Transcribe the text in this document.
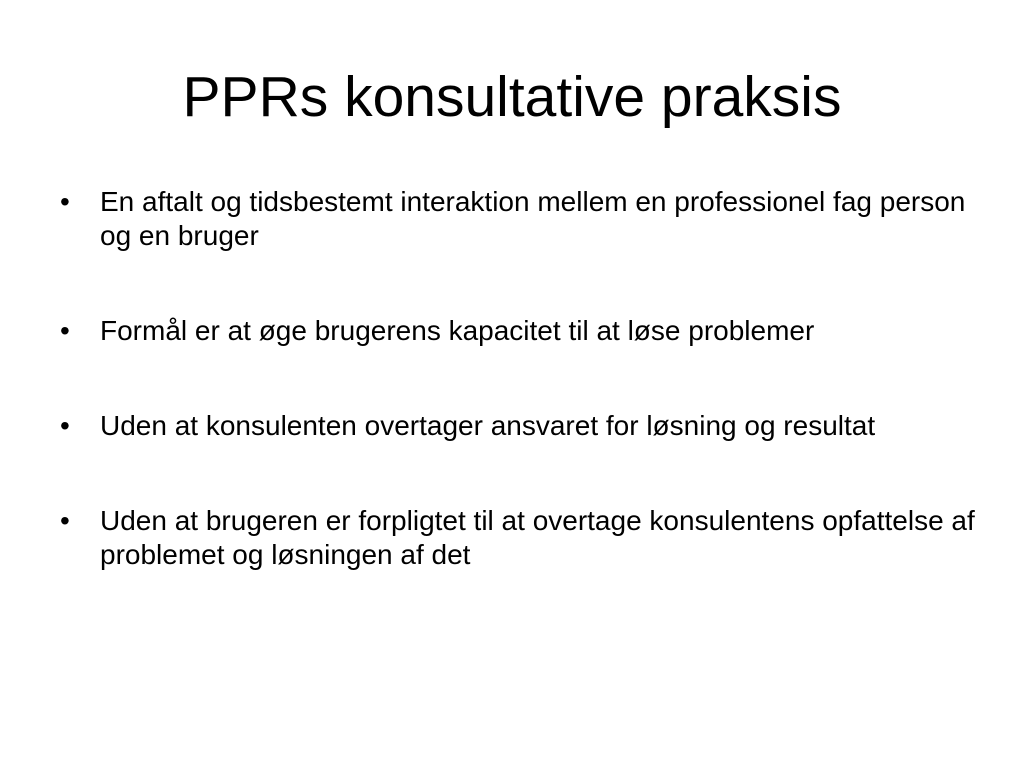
PPRs konsultative praksis
•	En aftalt og tidsbestemt interaktion mellem en professionel fag person og en bruger
•	Formål er at øge brugerens kapacitet til at løse problemer
•	Uden at konsulenten overtager ansvaret for løsning og resultat
•	Uden at brugeren er forpligtet til at overtage konsulentens opfattelse af problemet og løsningen af det
